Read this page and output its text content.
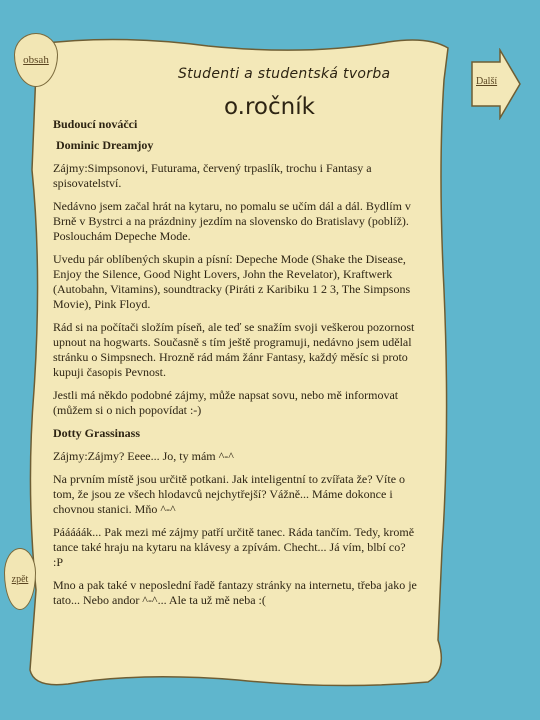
obsah
zpět
Další
Studenti a studentská tvorba
o.ročník
Budoucí nováčci
Dominic Dreamjoy

Zájmy:Simpsonovi, Futurama, červený trpaslík, trochu i Fantasy a spisovatelství.

Nedávno jsem začal hrát na kytaru, no pomalu se učím dál a dál. Bydlím v Brně v Bystrci a na prázdniny jezdím na slovensko do Bratislavy (poblíž). Poslouchám Depeche Mode.

Uvedu pár oblíbených skupin a písní: Depeche Mode (Shake the Disease, Enjoy the Silence, Good Night Lovers, John the Revelator), Kraftwerk (Autobahn, Vitamins), soundtracky (Piráti z Karibiku 1 2 3, The Simpsons Movie), Pink Floyd.

Rád si na počítači složím píseň, ale teď se snažím svoji veškerou pozornost upnout na hogwarts. Současně s tím ještě programuji, nedávno jsem udělal stránku o Simpsnech. Hrozně rád mám žánr Fantasy, každý měsíc si proto kupuji časopis Pevnost.

Jestli má někdo podobné zájmy, může napsat sovu, nebo mě informovat (můžem si o nich popovídat :-)

Dotty Grassinass

Zájmy:Zájmy? Eeee... Jo, ty mám ^-^

Na prvním místě jsou určitě potkani. Jak inteligentní to zvířata že? Víte o tom, že jsou ze všech hlodavců nejchytřejší? Vážně... Máme dokonce i chovnou stanici. Mňo ^-^

Pááááák... Pak mezi mé zájmy patří určitě tanec. Ráda tančím. Tedy, kromě tance také hraju na kytaru na klávesy a zpívám. Checht... Já vím, blbí co? :P

Mno a pak také v neposlední řadě fantazy stránky na internetu, třeba jako je tato... Nebo andor ^-^... Ale ta už mě neba :(
